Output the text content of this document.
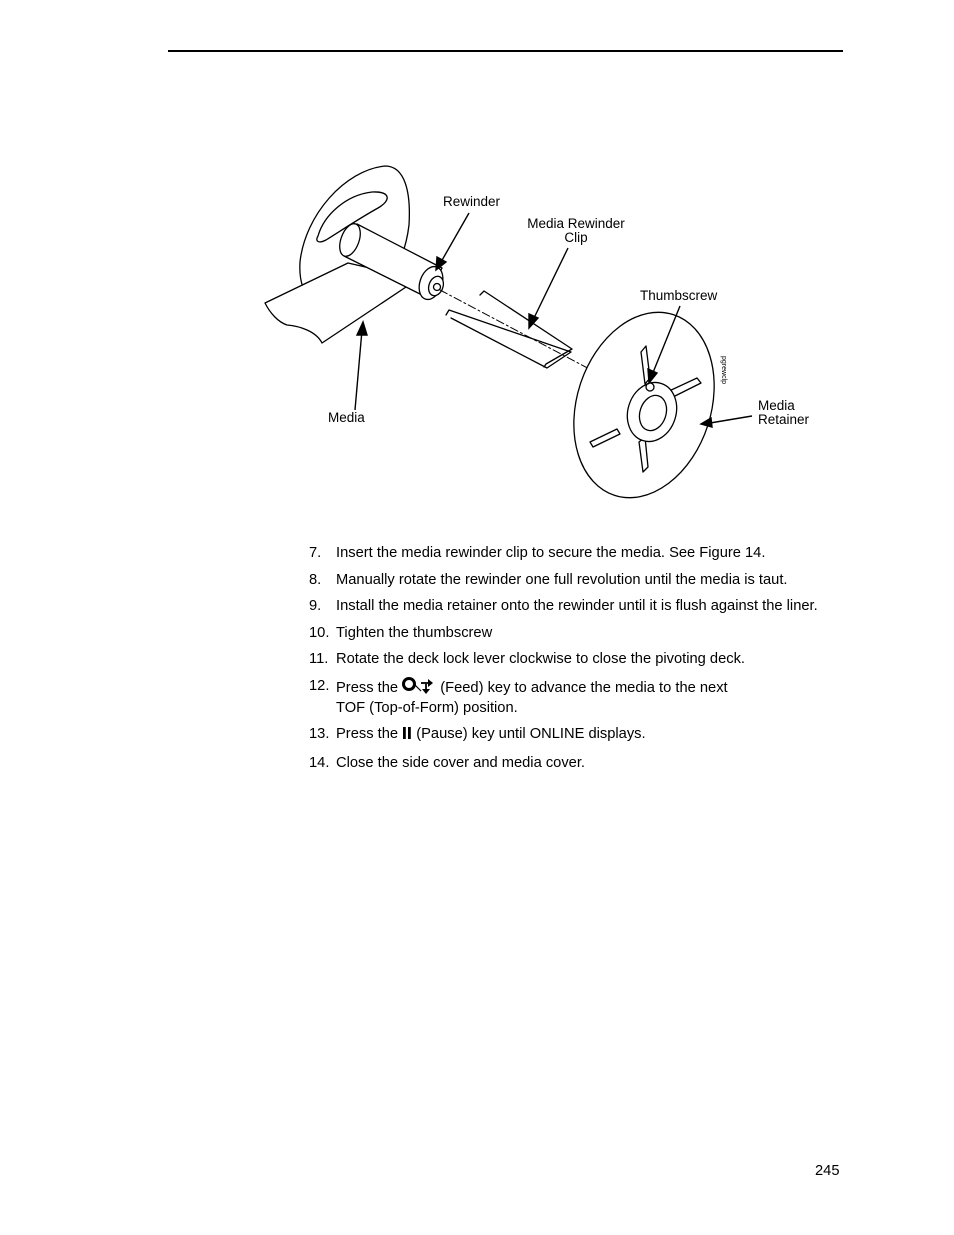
pgrewclp
Rewinder
Media Rewinder
Clip
Thumbscrew
Media
Media
Retainer
7.	Insert the media rewinder clip to secure the media. See Figure 14.
8.	Manually rotate the rewinder one full revolution until the media is taut.
9.	Install the media retainer onto the rewinder until it is flush against the liner.
10. Tighten the thumbscrew
11. Rotate the deck lock lever clockwise to close the pivoting deck.
12. Press the	(Feed) key to advance the media to the next
TOF (Top-of-Form) position.
13. Press the (Pause) key until ONLINE displays.
14. Close the side cover and media cover.
245
